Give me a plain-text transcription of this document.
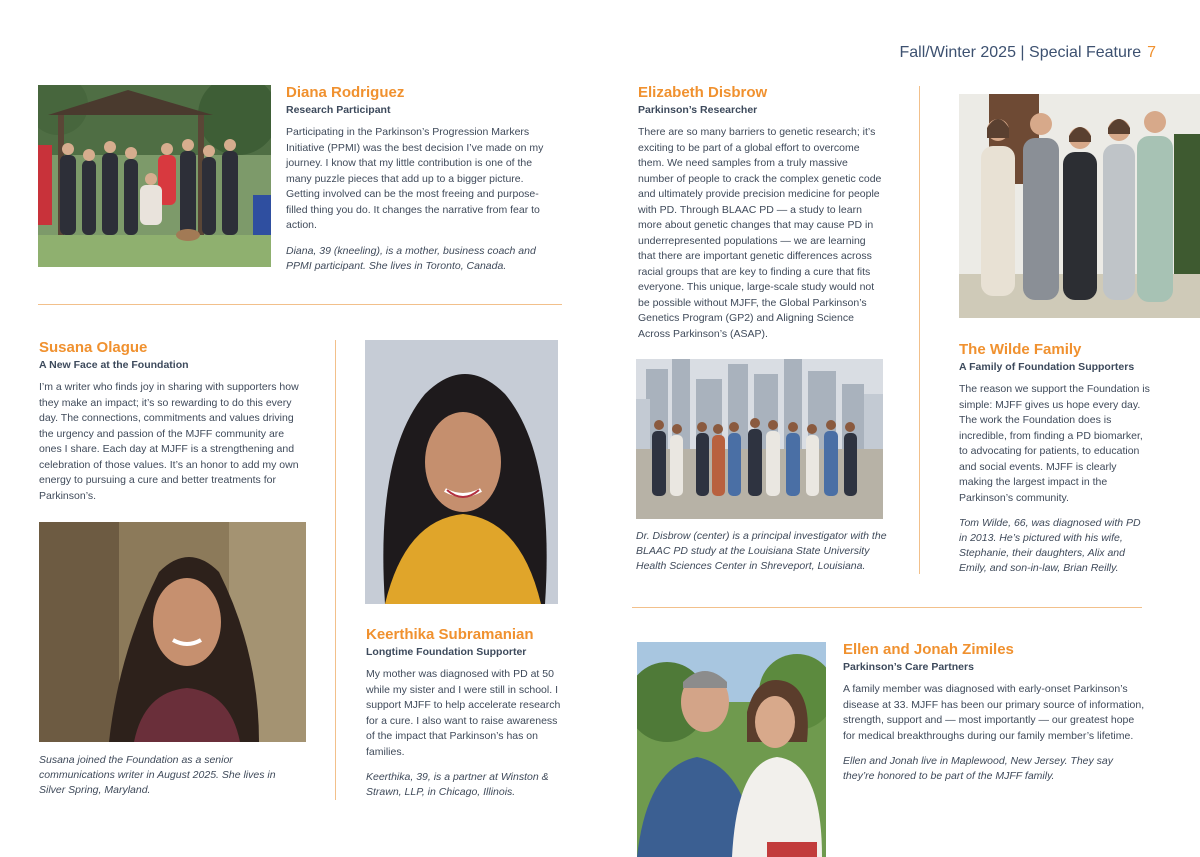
Fall/Winter 2025 | Special Feature 7
Diana Rodriguez
Research Participant
Participating in the Parkinson’s Progression Markers Initiative (PPMI) was the best decision I’ve made on my journey. I know that my little contribution is one of the many puzzle pieces that add up to a bigger picture. Getting involved can be the most freeing and purpose-filled thing you do. It changes the narrative from fear to action.
Diana, 39 (kneeling), is a mother, business coach and PPMI participant. She lives in Toronto, Canada.
Elizabeth Disbrow
Parkinson’s Researcher
There are so many barriers to genetic research; it’s exciting to be part of a global effort to overcome them. We need samples from a truly massive number of people to crack the complex genetic code and ultimately provide precision medicine for people with PD. Through BLAAC PD — a study to learn more about genetic changes that may cause PD in underrepresented populations — we are learning that there are important genetic differences across racial groups that are key to finding a cure that fits everyone. This unique, large-scale study would not be possible without MJFF, the Global Parkinson’s Genetics Program (GP2) and Aligning Science Across Parkinson’s (ASAP).
Dr. Disbrow (center) is a principal investigator with the BLAAC PD study at the Louisiana State University Health Sciences Center in Shreveport, Louisiana.
The Wilde Family
A Family of Foundation Supporters
The reason we support the Foundation is simple: MJFF gives us hope every day. The work the Foundation does is incredible, from finding a PD biomarker, to advocating for patients, to education and social events. MJFF is clearly making the largest impact in the Parkinson’s community.
Tom Wilde, 66, was diagnosed with PD in 2013. He’s pictured with his wife, Stephanie, their daughters, Alix and Emily, and son-in-law, Brian Reilly.
Susana Olague
A New Face at the Foundation
I’m a writer who finds joy in sharing with supporters how they make an impact; it’s so rewarding to do this every day. The connections, commitments and values driving the urgency and passion of the MJFF community are ones I share. Each day at MJFF is a strengthening and celebration of those values. It’s an honor to add my own energy to pursuing a cure and better treatments for Parkinson’s.
Susana joined the Foundation as a senior communications writer in August 2025. She lives in Silver Spring, Maryland.
Keerthika Subramanian
Longtime Foundation Supporter
My mother was diagnosed with PD at 50 while my sister and I were still in school. I support MJFF to help accelerate research for a cure. I also want to raise awareness of the impact that Parkinson’s has on families.
Keerthika, 39, is a partner at Winston & Strawn, LLP, in Chicago, Illinois.
Ellen and Jonah Zimiles
Parkinson’s Care Partners
A family member was diagnosed with early-onset Parkinson’s disease at 33. MJFF has been our primary source of information, strength, support and — most importantly — our greatest hope for medical breakthroughs during our family member’s lifetime.
Ellen and Jonah live in Maplewood, New Jersey. They say they’re honored to be part of the MJFF family.
